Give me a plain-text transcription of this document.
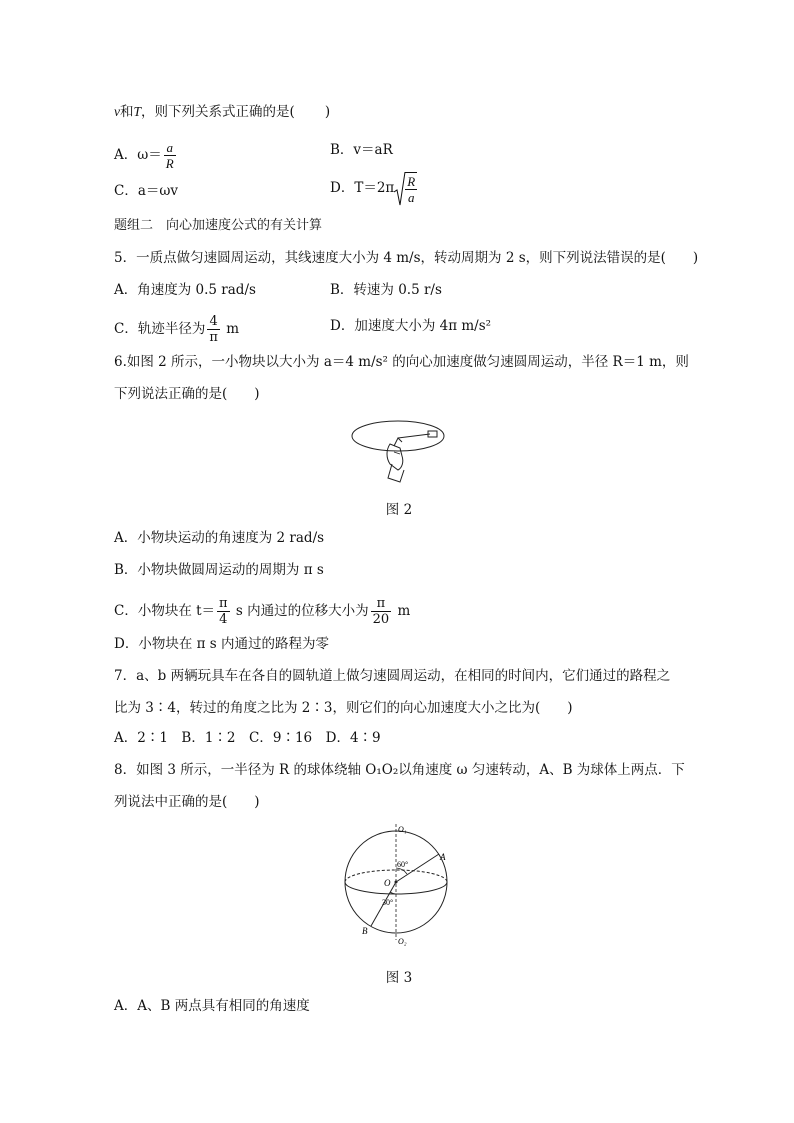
v和T，则下列关系式正确的是(       )
A．$\omega= \frac{a}{R}$	B．v＝aR
C．a＝ωv	D．$T=2\pi \frac{R}{a}$
题组二　向心加速度公式的有关计算
5．一质点做匀速圆周运动，其线速度大小为 4 m/s，转动周期为 2 s，则下列说法错误的是(　　)
A．角速度为 0.5 rad/s	B．转速为 0.5 r/s
C．轨迹半径为 $\frac{4}{\pi}$ m	D．加速度大小为 4π m/s²
6.如图 2 所示，一小物块以大小为 a＝4 m/s² 的向心加速度做匀速圆周运动，半径 R＝1 m，则
下列说法正确的是(　　)
图 2
A．小物块运动的角速度为 2 rad/s
B．小物块做圆周运动的周期为 π s
C．小物块在 $t= \frac{\pi}{4}$ s 内通过的位移大小为 $\frac{\pi}{20}$ m
D．小物块在 π s 内通过的路程为零
7．a、b 两辆玩具车在各自的圆轨道上做匀速圆周运动，在相同的时间内，它们通过的路程之
比为 3∶4，转过的角度之比为 2∶3，则它们的向心加速度大小之比为(　　)
A．2∶1　B．1∶2　C．9∶16　D．4∶9
8．如图 3 所示，一半径为 R 的球体绕轴 O₁O₂以角速度 ω 匀速转动，A、B 为球体上两点．下
列说法中正确的是(　　)
O₁
O₂
O
A
B
60°
30°
图 3
A．A、B 两点具有相同的角速度
